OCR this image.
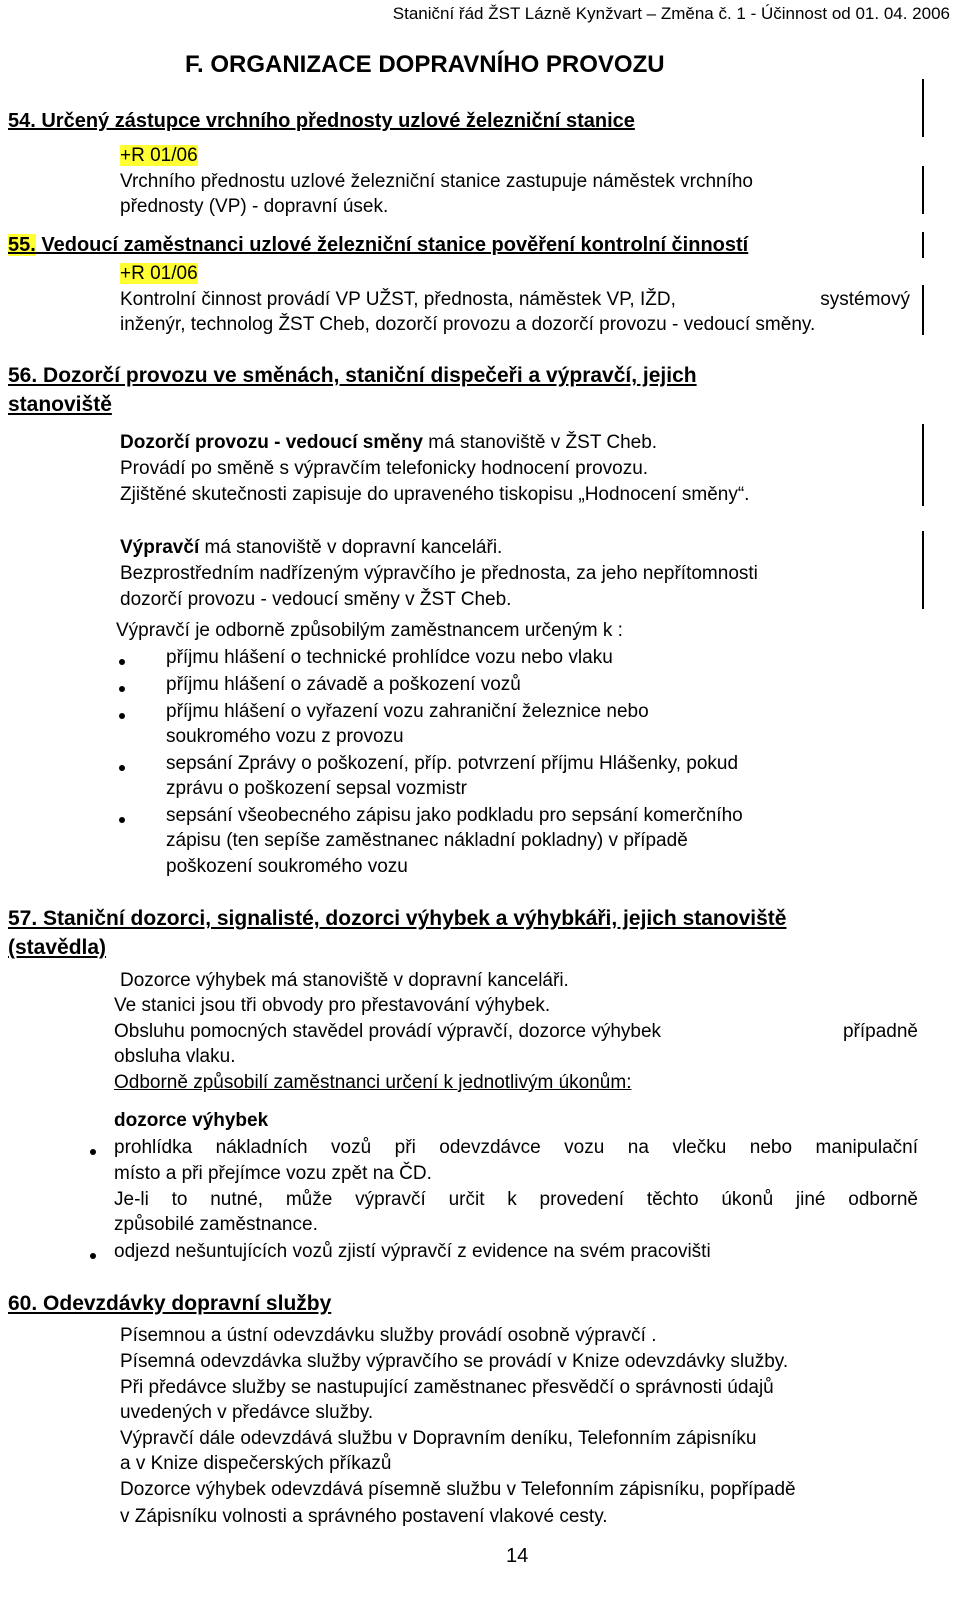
Staniční řád ŽST Lázně Kynžvart – Změna č. 1 - Účinnost od 01. 04. 2006
F. ORGANIZACE DOPRAVNÍHO PROVOZU
54. Určený zástupce vrchního přednosty uzlové železniční stanice
+R 01/06
Vrchního přednostu uzlové železniční stanice zastupuje náměstek vrchního
přednosty (VP) - dopravní úsek.
55. Vedoucí zaměstnanci uzlové železniční stanice pověření kontrolní činností
+R 01/06
Kontrolní činnost provádí VP UŽST, přednosta, náměstek VP, IŽD,	systémový
inženýr, technolog ŽST Cheb, dozorčí provozu a dozorčí provozu - vedoucí směny.
56. Dozorčí provozu ve směnách, staniční dispečeři a výpravčí, jejich
stanoviště
Dozorčí provozu - vedoucí směny má stanoviště v ŽST Cheb.
Provádí po směně s výpravčím telefonicky hodnocení provozu.
Zjištěné skutečnosti zapisuje do upraveného tiskopisu „Hodnocení směny“.
Výpravčí má stanoviště v dopravní kanceláři.
Bezprostředním nadřízeným výpravčího je přednosta, za jeho nepřítomnosti
dozorčí provozu - vedoucí směny v ŽST Cheb.
Výpravčí je odborně způsobilým zaměstnancem určeným k :
příjmu hlášení o technické prohlídce vozu nebo vlaku
příjmu hlášení o závadě a poškození vozů
příjmu hlášení o vyřazení vozu zahraniční železnice nebo
soukromého vozu z provozu
sepsání Zprávy o poškození, příp. potvrzení příjmu Hlášenky, pokud
zprávu o poškození sepsal vozmistr
sepsání všeobecného zápisu jako podkladu pro sepsání komerčního
zápisu (ten sepíše zaměstnanec nákladní pokladny) v případě
poškození soukromého vozu
57. Staniční dozorci, signalisté, dozorci výhybek a výhybkáři, jejich stanoviště
(stavědla)
Dozorce výhybek má stanoviště v dopravní kanceláři.
Ve stanici jsou tři obvody pro přestavování výhybek.
Obsluhu pomocných stavědel provádí výpravčí, dozorce výhybek	případně
obsluha vlaku.
Odborně způsobilí zaměstnanci určení k jednotlivým úkonům:
dozorce výhybek
prohlídka nákladních vozů při odevzdávce vozu na vlečku nebo manipulační
místo a při přejímce vozu zpět na ČD.
Je-li to nutné, může výpravčí určit k provedení těchto úkonů jiné odborně
způsobilé zaměstnance.
odjezd nešuntujících vozů zjistí výpravčí z evidence na svém pracovišti
60. Odevzdávky dopravní služby
Písemnou a ústní odevzdávku služby provádí osobně výpravčí .
Písemná odevzdávka služby výpravčího se provádí v Knize odevzdávky služby.
Při předávce služby se nastupující zaměstnanec přesvědčí o správnosti údajů
uvedených v předávce služby.
Výpravčí dále odevzdává službu v Dopravním deníku, Telefonním zápisníku
a v Knize dispečerských příkazů
Dozorce výhybek odevzdává písemně službu v Telefonním zápisníku, popřípadě
v Zápisníku volnosti a správného postavení vlakové cesty.
14
